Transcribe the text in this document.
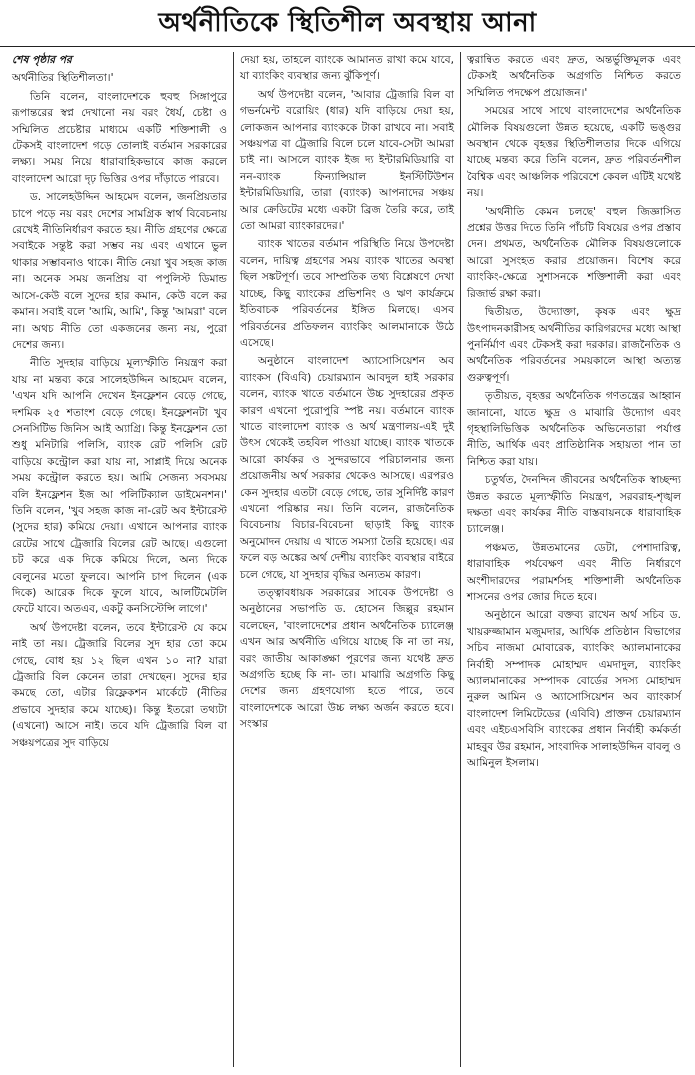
অর্থনীতিকে স্থিতিশীল অবস্থায় আনা

শেষ পৃষ্ঠার পর

অর্থনীতির স্থিতিশীলতা।'

তিনি বলেন, বাংলাদেশকে হুবহু সিঙ্গাপুরে রূপান্তরের স্বপ্ন দেখানো নয় বরং ধৈর্য, চেষ্টা ও সম্মিলিত প্রচেষ্টার মাধ্যমে একটি শক্তিশালী ও টেকসই বাংলাদেশ গড়ে তোলাই বর্তমান সরকারের লক্ষ্য। সময় নিয়ে ধারাবাহিকভাবে কাজ করলে বাংলাদেশ আরো দৃঢ় ভিত্তির ওপর দাঁড়াতে পারবে।

ড. সালেহউদ্দিন আহমেদ বলেন, জনপ্রিয়তার চাপে পড়ে নয় বরং দেশের সামগ্রিক স্বার্থ বিবেচনায় রেখেই নীতিনির্ধারণ করতে হয়। নীতি গ্রহণের ক্ষেত্রে সবাইকে সন্তুষ্ট করা সম্ভব নয় এবং এখানে ভুল থাকার সম্ভাবনাও থাকে। নীতি নেয়া খুব সহজ কাজ না। অনেক সময় জনপ্রিয় বা পপুলিস্ট ডিমান্ড আসে-কেউ বলে সুদের হার কমান, কেউ বলে কর কমান। সবাই বলে 'আমি, আমি', কিন্তু 'আমরা' বলে না। অথচ নীতি তো একজনের জন্য নয়, পুরো দেশের জন্য।

নীতি সুদহার বাড়িয়ে মূল্যস্ফীতি নিয়ন্ত্রণ করা যায় না মন্তব্য করে সালেহউদ্দিন আহমেদ বলেন, 'এখন যদি আপনি দেখেন ইনফ্লেশন বেড়ে গেছে, দশমিক ২৫ শতাংশ বেড়ে গেছে। ইনফ্লেশনটা খুব সেনসিটিভ জিনিস আই অ্যাগ্রি। কিন্তু ইনফ্লেশন তো শুধু মনিটারি পলিসি, ব্যাংক রেট পলিসি রেট বাড়িয়ে কন্ট্রোল করা যায় না, সাপ্লাই দিয়ে অনেক সময় কন্ট্রোল করতে হয়। আমি সেজন্য সবসময় বলি ইনফ্লেশন ইজ আ পলিটিক্যাল ডাইমেনশন।' তিনি বলেন, 'খুব সহজ কাজ না-রেট অব ইন্টারেস্ট (সুদের হার) কমিয়ে দেয়া। এখানে আপনার ব্যাংক রেটের সাথে ট্রেজারি বিলের রেট আছে। এগুলো চট করে এক দিকে কমিয়ে দিলে, অন্য দিকে বেলুনের মতো ফুলবে। আপনি চাপ দিলেন (এক দিকে) আরেক দিকে ফুলে যাবে, আলটিমেটলি ফেটে যাবে। অতএব, একটু কনসিস্টেন্সি লাগে।'

অর্থ উপদেষ্টা বলেন, তবে ইন্টারেস্ট যে কমে নাই তা নয়। ট্রেজারি বিলের সুদ হার তো কমে গেছে, বোধ হয় ১২ ছিল এখন ১০ না? যারা ট্রেজারি বিল কেনেন তারা দেখছেন। সুদের হার কমছে তো, এটার রিফ্লেকশন মার্কেটে (নীতির প্রভাবে সুদহার কমে যাচ্ছে)। কিন্তু ইতরো তথ্যটা (এখনো) আসে নাই। তবে যদি ট্রেজারি বিল বা সঞ্চয়পত্রের সুদ বাড়িয়ে

দেয়া হয়, তাহলে ব্যাংকে আমানত রাখা কমে যাবে, যা ব্যাংকিং ব্যবস্থার জন্য ঝুঁকিপূর্ণ।

অর্থ উপদেষ্টা বলেন, 'আবার ট্রেজারি বিল বা গভর্নমেন্ট বরোয়িং (ধার) যদি বাড়িয়ে দেয়া হয়, লোকজন আপনার ব্যাংককে টাকা রাখবে না। সবাই সঞ্চয়পত্র বা ট্রেজারি বিলে চলে যাবে-সেটা আমরা চাই না। আসলে ব্যাংক ইজ দ্য ইন্টারমিডিয়ারি বা নন-ব্যাংক ফিন্যান্সিয়াল ইনস্টিটিউশন ইন্টারমিডিয়ারি, তারা (ব্যাংক) আপনাদের সঞ্চয় আর ক্রেডিটের মধ্যে একটা ব্রিজ তৈরি করে, তাই তো আমরা ব্যাংকারদের।'

ব্যাংক খাতের বর্তমান পরিস্থিতি নিয়ে উপদেষ্টা বলেন, দায়িত্ব গ্রহণের সময় ব্যাংক খাতের অবস্থা ছিল সঙ্কটপূর্ণ। তবে সাম্প্রতিক তথ্য বিশ্লেষণে দেখা যাচ্ছে, কিছু ব্যাংকের প্রভিশনিং ও ঋণ কার্যক্রমে ইতিবাচক পরিবর্তনের ইঙ্গিত মিলছে। এসব পরিবর্তনের প্রতিফলন ব্যাংকিং আলমানাকে উঠে এসেছে।

অনুষ্ঠানে বাংলাদেশ অ্যাসোসিয়েশন অব ব্যাংকস (বিএবি) চেয়ারম্যান আবদুল হাই সরকার বলেন, ব্যাংক খাতে বর্তমানে উচ্চ সুদহারের প্রকৃত কারণ এখনো পুরোপুরি স্পষ্ট নয়। বর্তমানে ব্যাংক খাতে বাংলাদেশ ব্যাংক ও অর্থ মন্ত্রণালয়-এই দুই উৎস থেকেই তহবিল পাওয়া যাচ্ছে। ব্যাংক খাতকে আরো কার্যকর ও সুন্দরভাবে পরিচালনার জন্য প্রয়োজনীয় অর্থ সরকার থেকেও আসছে। এরপরও কেন সুদহার এতটা বেড়ে গেছে, তার সুনির্দিষ্ট কারণ এখনো পরিষ্কার নয়। তিনি বলেন, রাজনৈতিক বিবেচনায় বিচার-বিবেচনা ছাড়াই কিছু ব্যাংক অনুমোদন দেয়ায় এ খাতে সমস্যা তৈরি হয়েছে। এর ফলে বড় অঙ্কের অর্থ দেশীয় ব্যাংকিং ব্যবস্থার বাইরে চলে গেছে, যা সুদহার বৃদ্ধির অন্যতম কারণ।

তত্ত্বাবধায়ক সরকারের সাবেক উপদেষ্টা ও অনুষ্ঠানের সভাপতি ড. হোসেন জিল্লুর রহমান বলেছেন, 'বাংলাদেশের প্রধান অর্থনৈতিক চ্যালেঞ্জ এখন আর অর্থনীতি এগিয়ে যাচ্ছে কি না তা নয়, বরং জাতীয় আকাঙ্ক্ষা পূরণের জন্য যথেষ্ট দ্রুত অগ্রগতি হচ্ছে কি না- তা। মাঝারি অগ্রগতি কিছু দেশের জন্য গ্রহণযোগ্য হতে পারে, তবে বাংলাদেশকে আরো উচ্চ লক্ষ্য অর্জন করতে হবে। সংস্কার

ত্বরান্বিত করতে এবং দ্রুত, অন্তর্ভুক্তিমূলক এবং টেকসই অর্থনৈতিক অগ্রগতি নিশ্চিত করতে সম্মিলিত পদক্ষেপ প্রয়োজন।'

সময়ের সাথে সাথে বাংলাদেশের অর্থনৈতিক মৌলিক বিষয়গুলো উন্নত হয়েছে, একটি ভঙ্গুর অবস্থান থেকে বৃহত্তর স্থিতিশীলতার দিকে এগিয়ে যাচ্ছে মন্তব্য করে তিনি বলেন, দ্রুত পরিবর্তনশীল বৈশ্বিক এবং আঞ্চলিক পরিবেশে কেবল এটিই যথেষ্ট নয়।

'অর্থনীতি কেমন চলছে' বহুল জিজ্ঞাসিত প্রশ্নের উত্তর দিতে তিনি পাঁচটি বিষয়ের ওপর প্রস্তাব দেন। প্রথমত, অর্থনৈতিক মৌলিক বিষয়গুলোকে আরো সুসংহত করার প্রয়োজন। বিশেষ করে ব্যাংকিং-ক্ষেত্রে সুশাসনকে শক্তিশালী করা এবং রিজার্ভ রক্ষা করা।

দ্বিতীয়ত, উদ্যোক্তা, কৃষক এবং ক্ষুদ্র উৎপাদনকারীসহ অর্থনীতির কারিগরদের মধ্যে আস্থা পুনর্নির্মাণ এবং টেকসই করা দরকার। রাজনৈতিক ও অর্থনৈতিক পরিবর্তনের সময়কালে আস্থা অত্যন্ত গুরুত্বপূর্ণ।

তৃতীয়ত, বৃহত্তর অর্থনৈতিক গণতন্ত্রের আহ্বান জানানো, যাতে ক্ষুদ্র ও মাঝারি উদ্যোগ এবং গৃহস্থালিভিত্তিক অর্থনৈতিক অভিনেতারা পর্যাপ্ত নীতি, আর্থিক এবং প্রাতিষ্ঠানিক সহায়তা পান তা নিশ্চিত করা যায়।

চতুর্থত, দৈনন্দিন জীবনের অর্থনৈতিক স্বাচ্ছন্দ্য উন্নত করতে মূল্যস্ফীতি নিয়ন্ত্রণ, সরবরাহ-শৃঙ্খল দক্ষতা এবং কার্যকর নীতি বাস্তবায়নকে ধারাবাহিক চ্যালেঞ্জ।

পঞ্চমত, উন্নতমানের ডেটা, পেশাদারিত্ব, ধারাবাহিক পর্যবেক্ষণ এবং নীতি নির্ধারণে অংশীদারদের পরামর্শসহ শক্তিশালী অর্থনৈতিক শাসনের ওপর জোর দিতে হবে।

অনুষ্ঠানে আরো বক্তব্য রাখেন অর্থ সচিব ড. খায়রুজ্জামান মজুমদার, আর্থিক প্রতিষ্ঠান বিভাগের সচিব নাজমা মোবারেক, ব্যাংকিং অ্যালমানাকের নির্বাহী সম্পাদক মোহাম্মদ এমদাদুল, ব্যাংকিং অ্যালমানাকের সম্পাদক বোর্ডের সদস্য মোহাম্মদ নুরুল আমিন ও অ্যাসোসিয়েশন অব ব্যাংকার্স বাংলাদেশ লিমিটেডের (এবিবি) প্রাক্তন চেয়ারম্যান এবং এইচএসবিসি ব্যাংকের প্রধান নির্বাহী কর্মকর্তা মাহবুব উর রহমান, সাংবাদিক সালাহউদ্দিন বাবলু ও আমিনুল ইসলাম।
